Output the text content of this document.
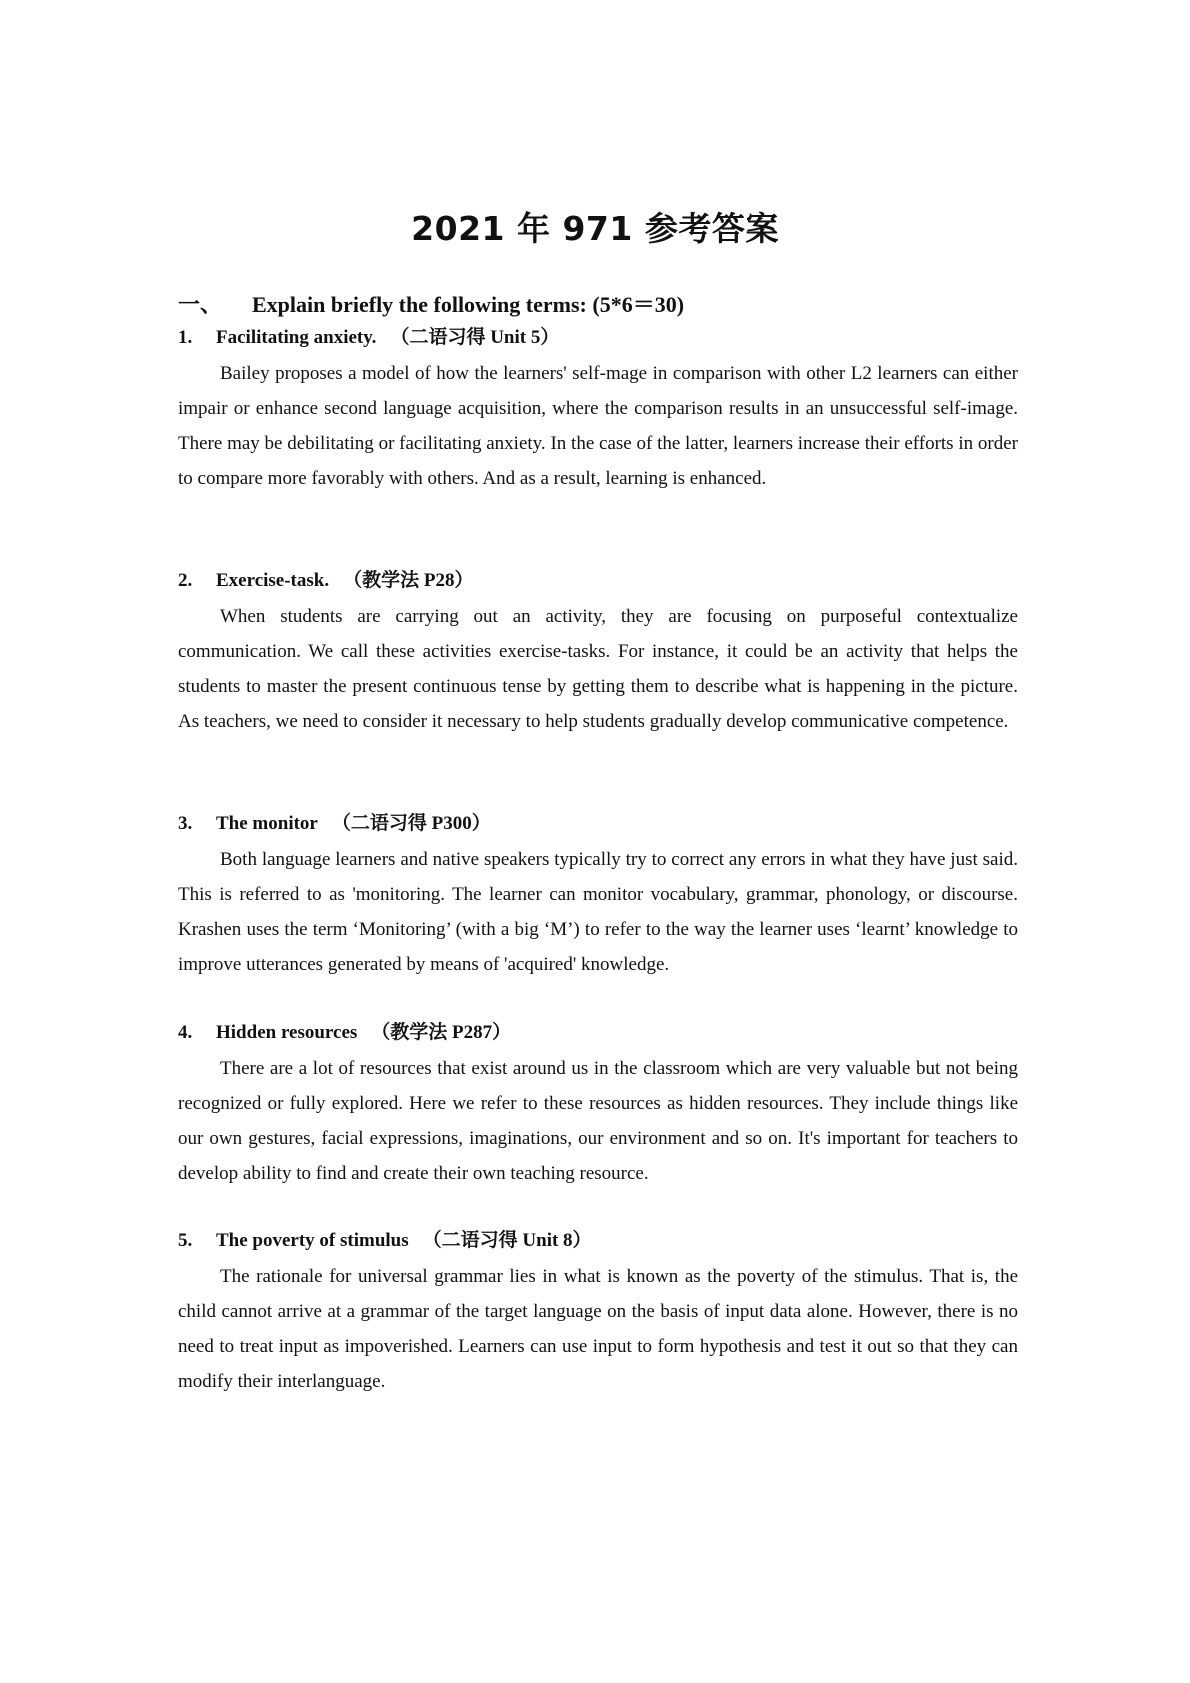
2021 年 971 参考答案
一、 Explain briefly the following terms: (5*6＝30)
1. Facilitating anxiety. （二语习得 Unit 5）

Bailey proposes a model of how the learners' self-mage in comparison with other L2 learners can either impair or enhance second language acquisition, where the comparison results in an unsuccessful self-image. There may be debilitating or facilitating anxiety. In the case of the latter, learners increase their efforts in order to compare more favorably with others. And as a result, learning is enhanced.

2. Exercise-task. （教学法 P28）

When students are carrying out an activity, they are focusing on purposeful contextualize communication. We call these activities exercise-tasks. For instance, it could be an activity that helps the students to master the present continuous tense by getting them to describe what is happening in the picture. As teachers, we need to consider it necessary to help students gradually develop communicative competence.

3. The monitor （二语习得 P300）

Both language learners and native speakers typically try to correct any errors in what they have just said. This is referred to as 'monitoring. The learner can monitor vocabulary, grammar, phonology, or discourse. Krashen uses the term ‘Monitoring’ (with a big ‘M’) to refer to the way the learner uses ‘learnt’ knowledge to improve utterances generated by means of 'acquired' knowledge.

4. Hidden resources （教学法 P287）

There are a lot of resources that exist around us in the classroom which are very valuable but not being recognized or fully explored. Here we refer to these resources as hidden resources. They include things like our own gestures, facial expressions, imaginations, our environment and so on. It's important for teachers to develop ability to find and create their own teaching resource.

5. The poverty of stimulus （二语习得 Unit 8）

The rationale for universal grammar lies in what is known as the poverty of the stimulus. That is, the child cannot arrive at a grammar of the target language on the basis of input data alone. However, there is no need to treat input as impoverished. Learners can use input to form hypothesis and test it out so that they can modify their interlanguage.
